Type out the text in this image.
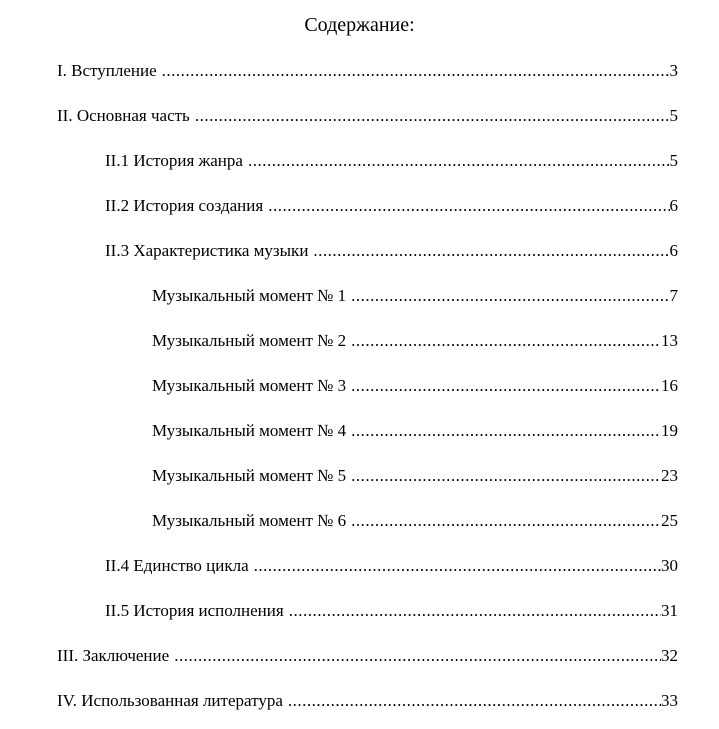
Содержание:
I. Вступление .....	3
II. Основная часть .....	5
II.1 История жанра .....	5
II.2 История создания .....	6
II.3 Характеристика музыки .....	6
Музыкальный момент № 1 .....	7
Музыкальный момент № 2 .....	13
Музыкальный момент № 3 .....	16
Музыкальный момент № 4 .....	19
Музыкальный момент № 5 .....	23
Музыкальный момент № 6 .....	25
II.4 Единство цикла .....	30
II.5 История исполнения .....	31
III. Заключение .....	32
IV. Использованная литература .....	33
